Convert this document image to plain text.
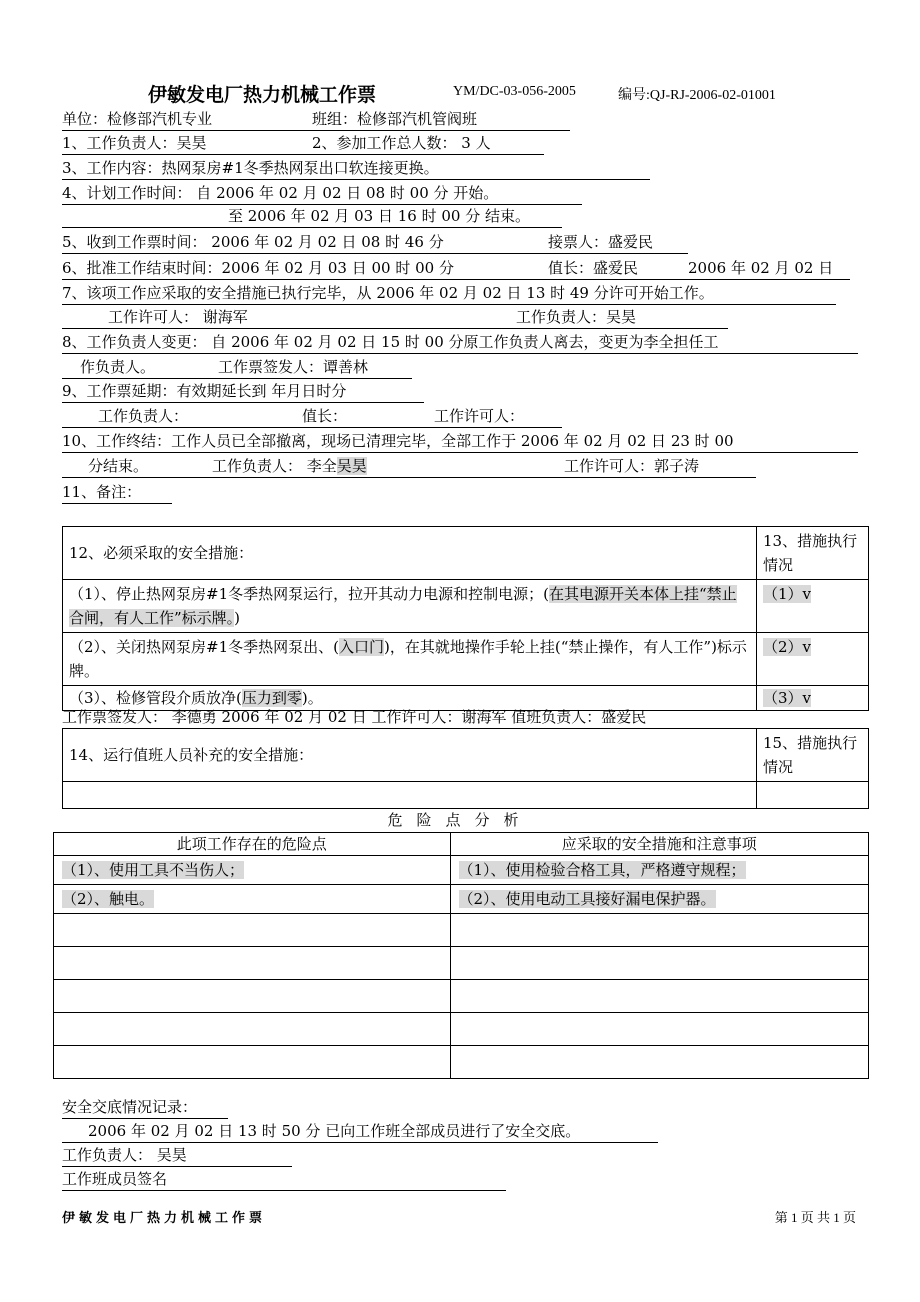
伊敏发电厂热力机械工作票	YM/DC-03-056-2005	编号:QJ-RJ-2006-02-01001
单位：检修部汽机专业	班组：检修部汽机管阀班
1、工作负责人：吴昊	2、参加工作总人数： 3 人
3、工作内容：热网泵房#1冬季热网泵出口软连接更换。
4、计划工作时间： 自 2006 年 02 月 02 日 08 时 00 分 开始。
至 2006 年 02 月 03 日 16 时 00 分 结束。
5、收到工作票时间： 2006 年 02 月 02 日 08 时 46 分	接票人：盛爱民
6、批准工作结束时间：2006 年 02 月 03 日 00 时 00 分	值长：盛爱民	2006 年 02 月 02 日
7、该项工作应采取的安全措施已执行完毕，从 2006 年 02 月 02 日 13 时 49 分许可开始工作。
工作许可人： 谢海军	工作负责人：吴昊
8、工作负责人变更： 自 2006 年 02 月 02 日 15 时 00 分原工作负责人离去，变更为李全担任工
作负责人。	工作票签发人：谭善林
9、工作票延期：有效期延长到 年月日时分
工作负责人：	值长：	工作许可人：
10、工作终结：工作人员已全部撤离，现场已清理完毕，全部工作于 2006 年 02 月 02 日 23 时 00
分结束。	工作负责人： 李全吴昊	工作许可人：郭子涛
11、备注：
12、必须采取的安全措施：	13、措施执行情况
（1）、停止热网泵房#1冬季热网泵运行，拉开其动力电源和控制电源；(在其电源开关本体上挂“禁止合闸，有人工作”标示牌。)	（1）v
（2）、关闭热网泵房#1冬季热网泵出、(入口门)，在其就地操作手轮上挂(“禁止操作，有人工作”)标示牌。	（2）v
（3）、检修管段介质放净(压力到零)。	（3）v
工作票签发人： 李德勇 2006 年 02 月 02 日 工作许可人：谢海军 值班负责人：盛爱民
14、运行值班人员补充的安全措施：	15、措施执行情况

危险点分析
此项工作存在的危险点	应采取的安全措施和注意事项
（1）、使用工具不当伤人；	（1）、使用检验合格工具，严格遵守规程；
（2）、触电。	（2）、使用电动工具接好漏电保护器。

安全交底情况记录：
2006 年 02 月 02 日 13 时 50 分 已向工作班全部成员进行了安全交底。
工作负责人： 吴昊
工作班成员签名
伊敏发电厂热力机械工作票	第 1 页 共 1 页
